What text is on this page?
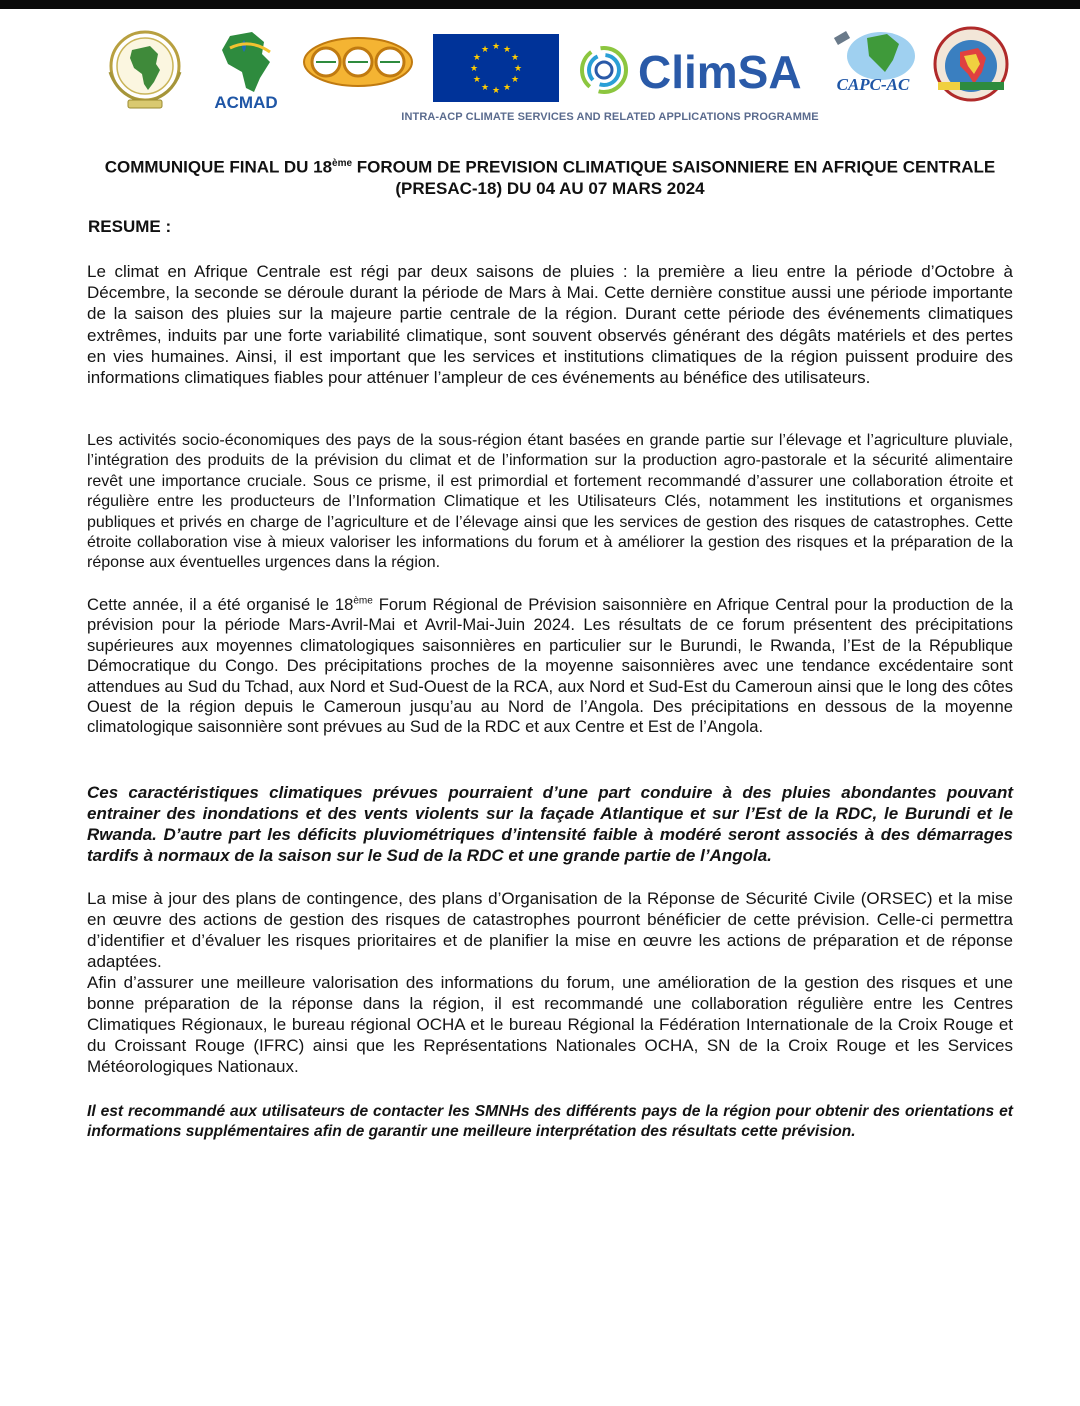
ACMAD
★ ★
★
★
★
★
★
★
★
★
★
★	ClimSA CAPC-AC
INTRA-ACP CLIMATE SERVICES AND RELATED APPLICATIONS PROGRAMME
COMMUNIQUE FINAL DU 18ème FOROUM DE PREVISION CLIMATIQUE SAISONNIERE EN AFRIQUE CENTRALE (PRESAC-18) DU 04 AU 07 MARS 2024
RESUME :
Le climat en Afrique Centrale est régi par deux saisons de pluies : la première a lieu entre la période d’Octobre à Décembre, la seconde se déroule durant la période de Mars à Mai. Cette dernière constitue aussi une période importante de la saison des pluies sur la majeure partie centrale de la région. Durant cette période des événements climatiques extrêmes, induits par une forte variabilité climatique, sont souvent observés générant des dégâts matériels et des pertes en vies humaines. Ainsi, il est important que les services et institutions climatiques de la région puissent produire des informations climatiques fiables pour atténuer l’ampleur de ces événements au bénéfice des utilisateurs.
Les activités socio-économiques des pays de la sous-région étant basées en grande partie sur l’élevage et l’agriculture pluviale, l’intégration des produits de la prévision du climat et de l’information sur la production agro-pastorale et la sécurité alimentaire revêt une importance cruciale. Sous ce prisme, il est primordial et fortement recommandé d’assurer une collaboration étroite et régulière entre les producteurs de l’Information Climatique et les Utilisateurs Clés, notamment les institutions et organismes publiques et privés en charge de l’agriculture et de l’élevage ainsi que les services de gestion des risques de catastrophes. Cette étroite collaboration vise à mieux valoriser les informations du forum et à améliorer la gestion des risques et la préparation de la réponse aux éventuelles urgences dans la région.
Cette année, il a été organisé le 18ème Forum Régional de Prévision saisonnière en Afrique Central pour la production de la prévision pour la période Mars-Avril-Mai et Avril-Mai-Juin 2024. Les résultats de ce forum présentent des précipitations supérieures aux moyennes climatologiques saisonnières en particulier sur le Burundi, le Rwanda, l’Est de la République Démocratique du Congo. Des précipitations proches de la moyenne saisonnières avec une tendance excédentaire sont attendues au Sud du Tchad, aux Nord et Sud-Ouest de la RCA, aux Nord et Sud-Est du Cameroun ainsi que le long des côtes Ouest de la région depuis le Cameroun jusqu’au au Nord de l’Angola. Des précipitations en dessous de la moyenne climatologique saisonnière sont prévues au Sud de la RDC et aux Centre et Est de l’Angola.
Ces caractéristiques climatiques prévues pourraient d’une part conduire à des pluies abondantes pouvant entrainer des inondations et des vents violents sur la façade Atlantique et sur l’Est de la RDC, le Burundi et le Rwanda. D’autre part les déficits pluviométriques d’intensité faible à modéré seront associés à des démarrages tardifs à normaux de la saison sur le Sud de la RDC et une grande partie de l’Angola.
La mise à jour des plans de contingence, des plans d’Organisation de la Réponse de Sécurité Civile (ORSEC) et la mise en œuvre des actions de gestion des risques de catastrophes pourront bénéficier de cette prévision. Celle-ci permettra d’identifier et d’évaluer les risques prioritaires et de planifier la mise en œuvre les actions de préparation et de réponse adaptées.
Afin d’assurer une meilleure valorisation des informations du forum, une amélioration de la gestion des risques et une bonne préparation de la réponse dans la région, il est recommandé une collaboration régulière entre les Centres Climatiques Régionaux, le bureau régional OCHA et le bureau Régional la Fédération Internationale de la Croix Rouge et du Croissant Rouge (IFRC) ainsi que les Représentations Nationales OCHA, SN de la Croix Rouge et les Services Météorologiques Nationaux.
Il est recommandé aux utilisateurs de contacter les SMNHs des différents pays de la région pour obtenir des orientations et informations supplémentaires afin de garantir une meilleure interprétation des résultats cette prévision.
